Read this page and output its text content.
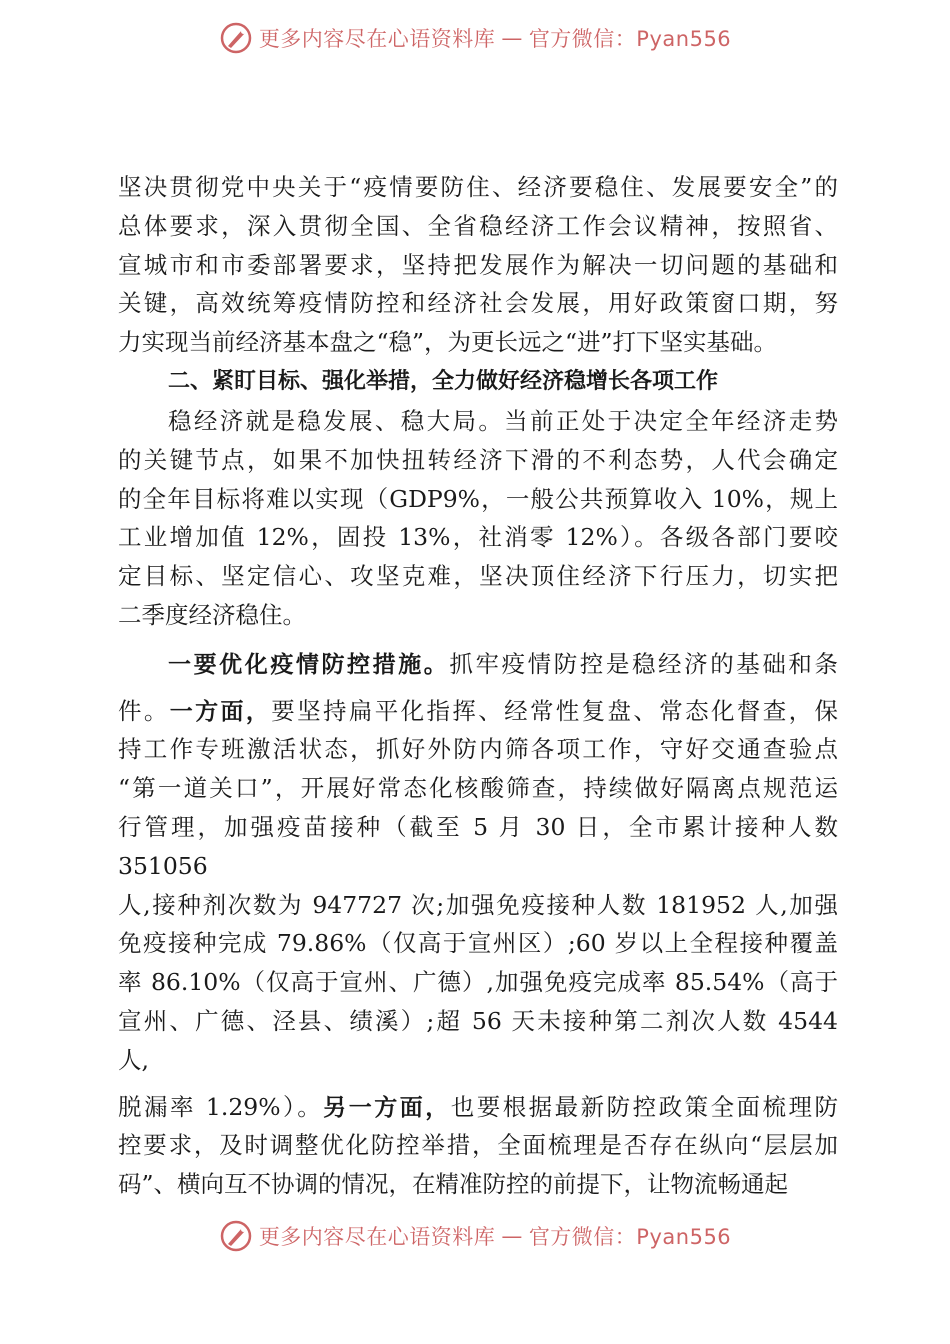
更多内容尽在心语资料库 — 官方微信：Pyan556
坚决贯彻党中央关于“疫情要防住、经济要稳住、发展要安全”的
总体要求，深入贯彻全国、全省稳经济工作会议精神，按照省、
宣城市和市委部署要求，坚持把发展作为解决一切问题的基础和
关键，高效统筹疫情防控和经济社会发展，用好政策窗口期，努
力实现当前经济基本盘之“稳”，为更长远之“进”打下坚实基础。
二、紧盯目标、强化举措，全力做好经济稳增长各项工作
稳经济就是稳发展、稳大局。当前正处于决定全年经济走势
的关键节点，如果不加快扭转经济下滑的不利态势，人代会确定
的全年目标将难以实现（GDP9%，一般公共预算收入 10%，规上
工业增加值 12%，固投 13%，社消零 12%）。各级各部门要咬
定目标、坚定信心、攻坚克难，坚决顶住经济下行压力，切实把
二季度经济稳住。
一要优化疫情防控措施。抓牢疫情防控是稳经济的基础和条
件。一方面，要坚持扁平化指挥、经常性复盘、常态化督查，保
持工作专班激活状态，抓好外防内筛各项工作，守好交通查验点
“第一道关口”，开展好常态化核酸筛查，持续做好隔离点规范运
行管理，加强疫苗接种（截至 5 月 30 日，全市累计接种人数
351056
人,接种剂次数为 947727 次;加强免疫接种人数 181952 人,加强
免疫接种完成 79.86%（仅高于宣州区）;60 岁以上全程接种覆盖
率 86.10%（仅高于宣州、广德）,加强免疫完成率 85.54%（高于
宣州、广德、泾县、绩溪）;超 56 天未接种第二剂次人数 4544
人,
脱漏率 1.29%）。另一方面，也要根据最新防控政策全面梳理防
控要求，及时调整优化防控举措，全面梳理是否存在纵向“层层加
码”、横向互不协调的情况，在精准防控的前提下，让物流畅通起
更多内容尽在心语资料库 — 官方微信：Pyan556
